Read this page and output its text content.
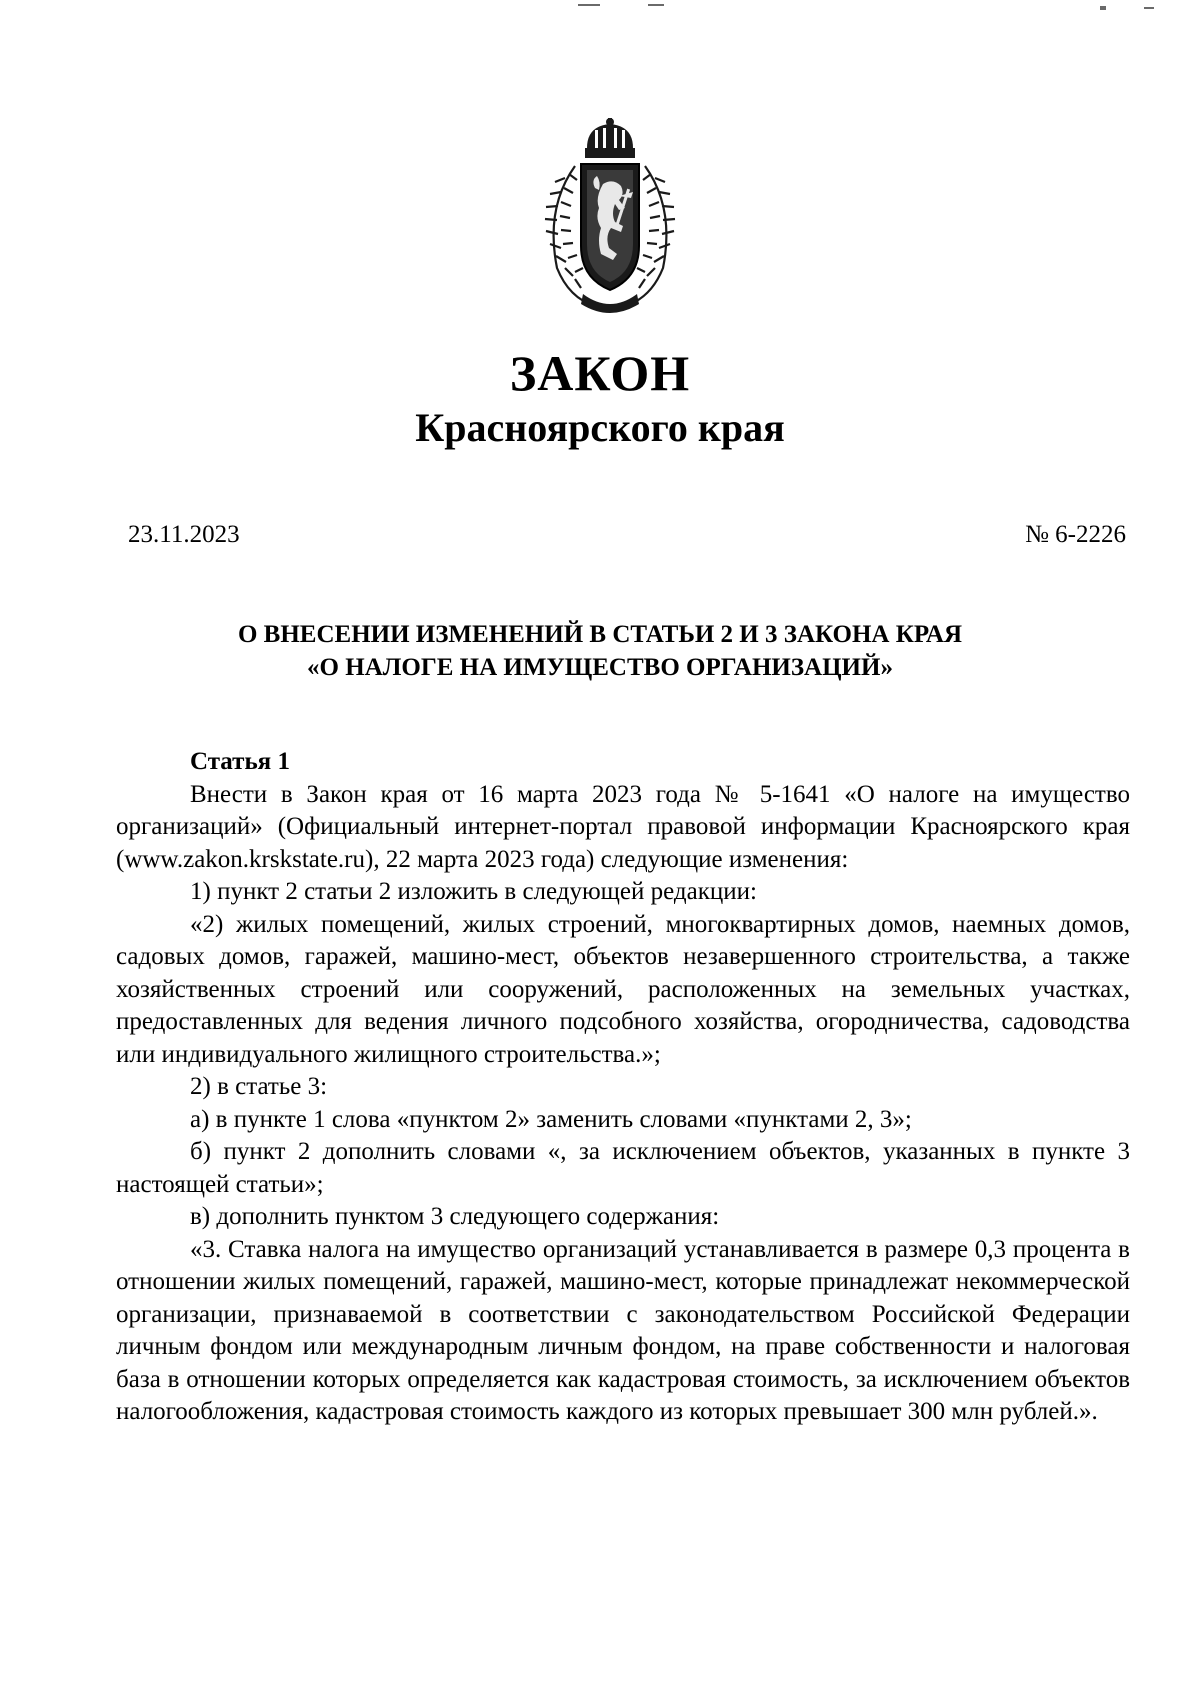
ЗАКОН
Красноярского края

23.11.2023	№ 6-2226

О ВНЕСЕНИИ ИЗМЕНЕНИЙ В СТАТЬИ 2 И 3 ЗАКОНА КРАЯ

«О НАЛОГЕ НА ИМУЩЕСТВО ОРГАНИЗАЦИЙ»

Статья 1

Внести в Закон края от 16 марта 2023 года № 5-1641 «О налоге на имущество организаций» (Официальный интернет-портал правовой информации Красноярского края (www.zakon.krskstate.ru), 22 марта 2023 года) следующие изменения:

1) пункт 2 статьи 2 изложить в следующей редакции:

«2) жилых помещений, жилых строений, многоквартирных домов, наемных домов, садовых домов, гаражей, машино-мест, объектов незавершенного строительства, а также хозяйственных строений или сооружений, расположенных на земельных участках, предоставленных для ведения личного подсобного хозяйства, огородничества, садоводства или индивидуального жилищного строительства.»;

2) в статье 3:

а) в пункте 1 слова «пунктом 2» заменить словами «пунктами 2, 3»;

б) пункт 2 дополнить словами «, за исключением объектов, указанных в пункте 3 настоящей статьи»;

в) дополнить пунктом 3 следующего содержания:

«3. Ставка налога на имущество организаций устанавливается в размере 0,3 процента в отношении жилых помещений, гаражей, машино-мест, которые принадлежат некоммерческой организации, признаваемой в соответствии с законодательством Российской Федерации личным фондом или международным личным фондом, на праве собственности и налоговая база в отношении которых определяется как кадастровая стоимость, за исключением объектов налогообложения, кадастровая стоимость каждого из которых превышает 300 млн рублей.».
